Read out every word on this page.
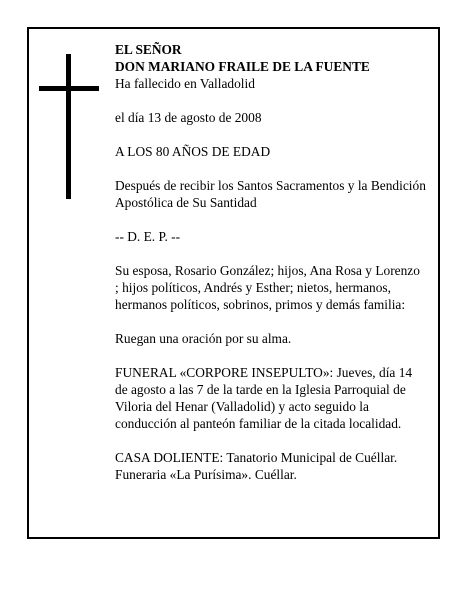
EL SEÑOR

DON MARIANO FRAILE DE LA FUENTE

Ha fallecido en Valladolid

el día 13 de agosto de 2008

A LOS 80 AÑOS DE EDAD

Después de recibir los Santos Sacramentos y la Bendición Apostólica de Su Santidad

-- D. E. P. --

Su esposa, Rosario González; hijos, Ana Rosa y Lorenzo ; hijos políticos, Andrés y Esther; nietos, hermanos, hermanos políticos, sobrinos, primos y demás familia:

Ruegan una oración por su alma.

FUNERAL «CORPORE INSEPULTO»: Jueves, día 14 de agosto a las 7 de la tarde en la Iglesia Parroquial de Viloria del Henar (Valladolid) y acto seguido la conducción al panteón familiar de la citada localidad.

CASA DOLIENTE: Tanatorio Municipal de Cuéllar.

Funeraria «La Purísima». Cuéllar.
